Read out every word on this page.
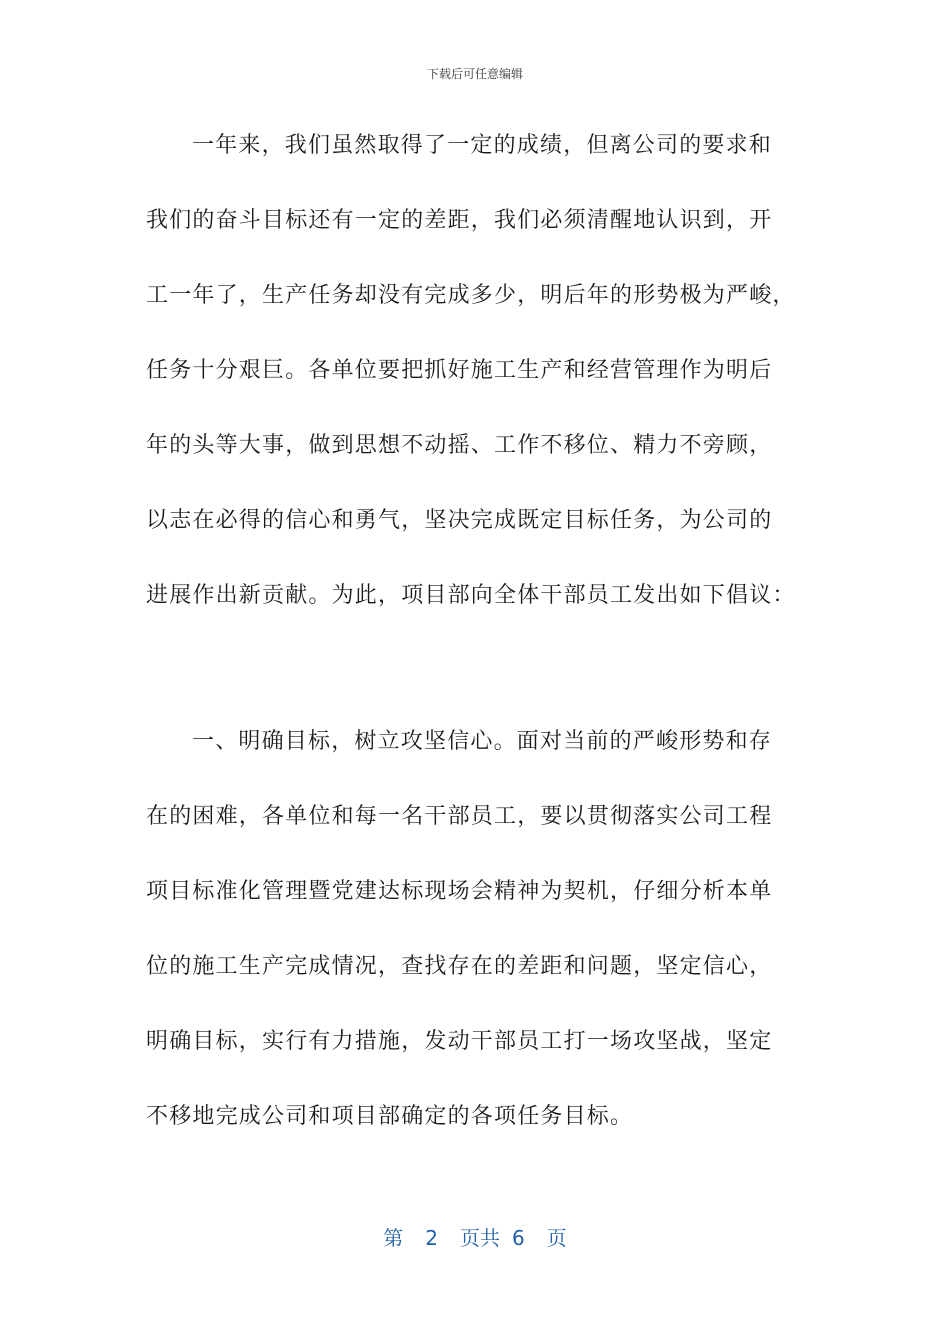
下载后可任意编辑
一年来，我们虽然取得了一定的成绩，但离公司的要求和
我们的奋斗目标还有一定的差距，我们必须清醒地认识到，开
工一年了，生产任务却没有完成多少，明后年的形势极为严峻，
任务十分艰巨。各单位要把抓好施工生产和经营管理作为明后
年的头等大事，做到思想不动摇、工作不移位、精力不旁顾，
以志在必得的信心和勇气，坚决完成既定目标任务，为公司的
进展作出新贡献。为此，项目部向全体干部员工发出如下倡议：
一、明确目标，树立攻坚信心。面对当前的严峻形势和存
在的困难，各单位和每一名干部员工，要以贯彻落实公司工程
项目标准化管理暨党建达标现场会精神为契机，仔细分析本单
位的施工生产完成情况，查找存在的差距和问题，坚定信心，
明确目标，实行有力措施，发动干部员工打一场攻坚战，坚定
不移地完成公司和项目部确定的各项任务目标。
第 2 页共 6 页
